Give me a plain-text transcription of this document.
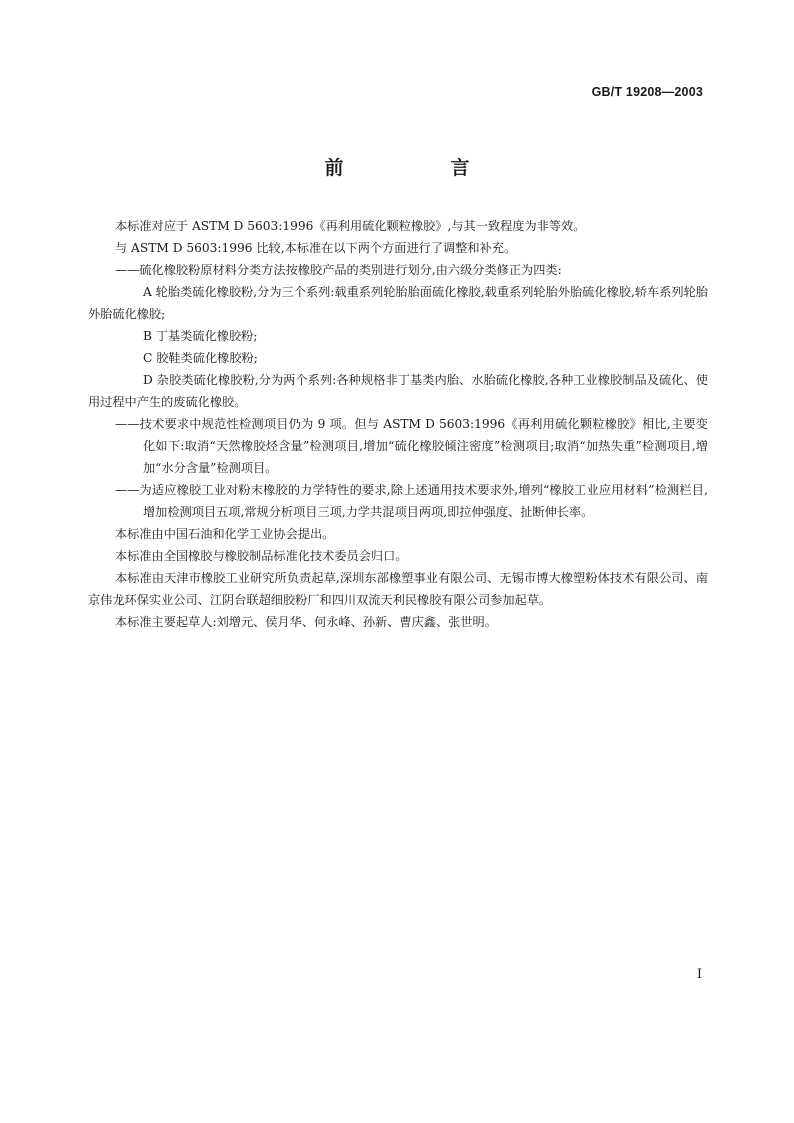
GB/T 19208—2003
前　言

本标准对应于 ASTM D 5603:1996《再利用硫化颗粒橡胶》,与其一致程度为非等效。

与 ASTM D 5603:1996 比较,本标准在以下两个方面进行了调整和补充。

——硫化橡胶粉原材料分类方法按橡胶产品的类别进行划分,由六级分类修正为四类:

A 轮胎类硫化橡胶粉,分为三个系列:载重系列轮胎胎面硫化橡胶,载重系列轮胎外胎硫化橡胶,轿车系列轮胎外胎硫化橡胶;

B 丁基类硫化橡胶粉;

C 胶鞋类硫化橡胶粉;

D 杂胶类硫化橡胶粉,分为两个系列:各种规格非丁基类内胎、水胎硫化橡胶,各种工业橡胶制品及硫化、使用过程中产生的废硫化橡胶。

——技术要求中规范性检测项目仍为 9 项。但与 ASTM D 5603:1996《再利用硫化颗粒橡胶》相比,主要变化如下:取消“天然橡胶烃含量”检测项目,增加“硫化橡胶倾注密度”检测项目;取消“加热失重”检测项目,增加“水分含量”检测项目。

——为适应橡胶工业对粉末橡胶的力学特性的要求,除上述通用技术要求外,增列“橡胶工业应用材料”检测栏目,增加检测项目五项,常规分析项目三项,力学共混项目两项,即拉伸强度、扯断伸长率。

本标准由中国石油和化学工业协会提出。

本标准由全国橡胶与橡胶制品标准化技术委员会归口。

本标准由天津市橡胶工业研究所负责起草,深圳东部橡塑事业有限公司、无锡市博大橡塑粉体技术有限公司、南京伟龙环保实业公司、江阴台联超细胶粉厂和四川双流天利民橡胶有限公司参加起草。

本标准主要起草人:刘增元、侯月华、何永峰、孙新、曹庆鑫、张世明。

I
